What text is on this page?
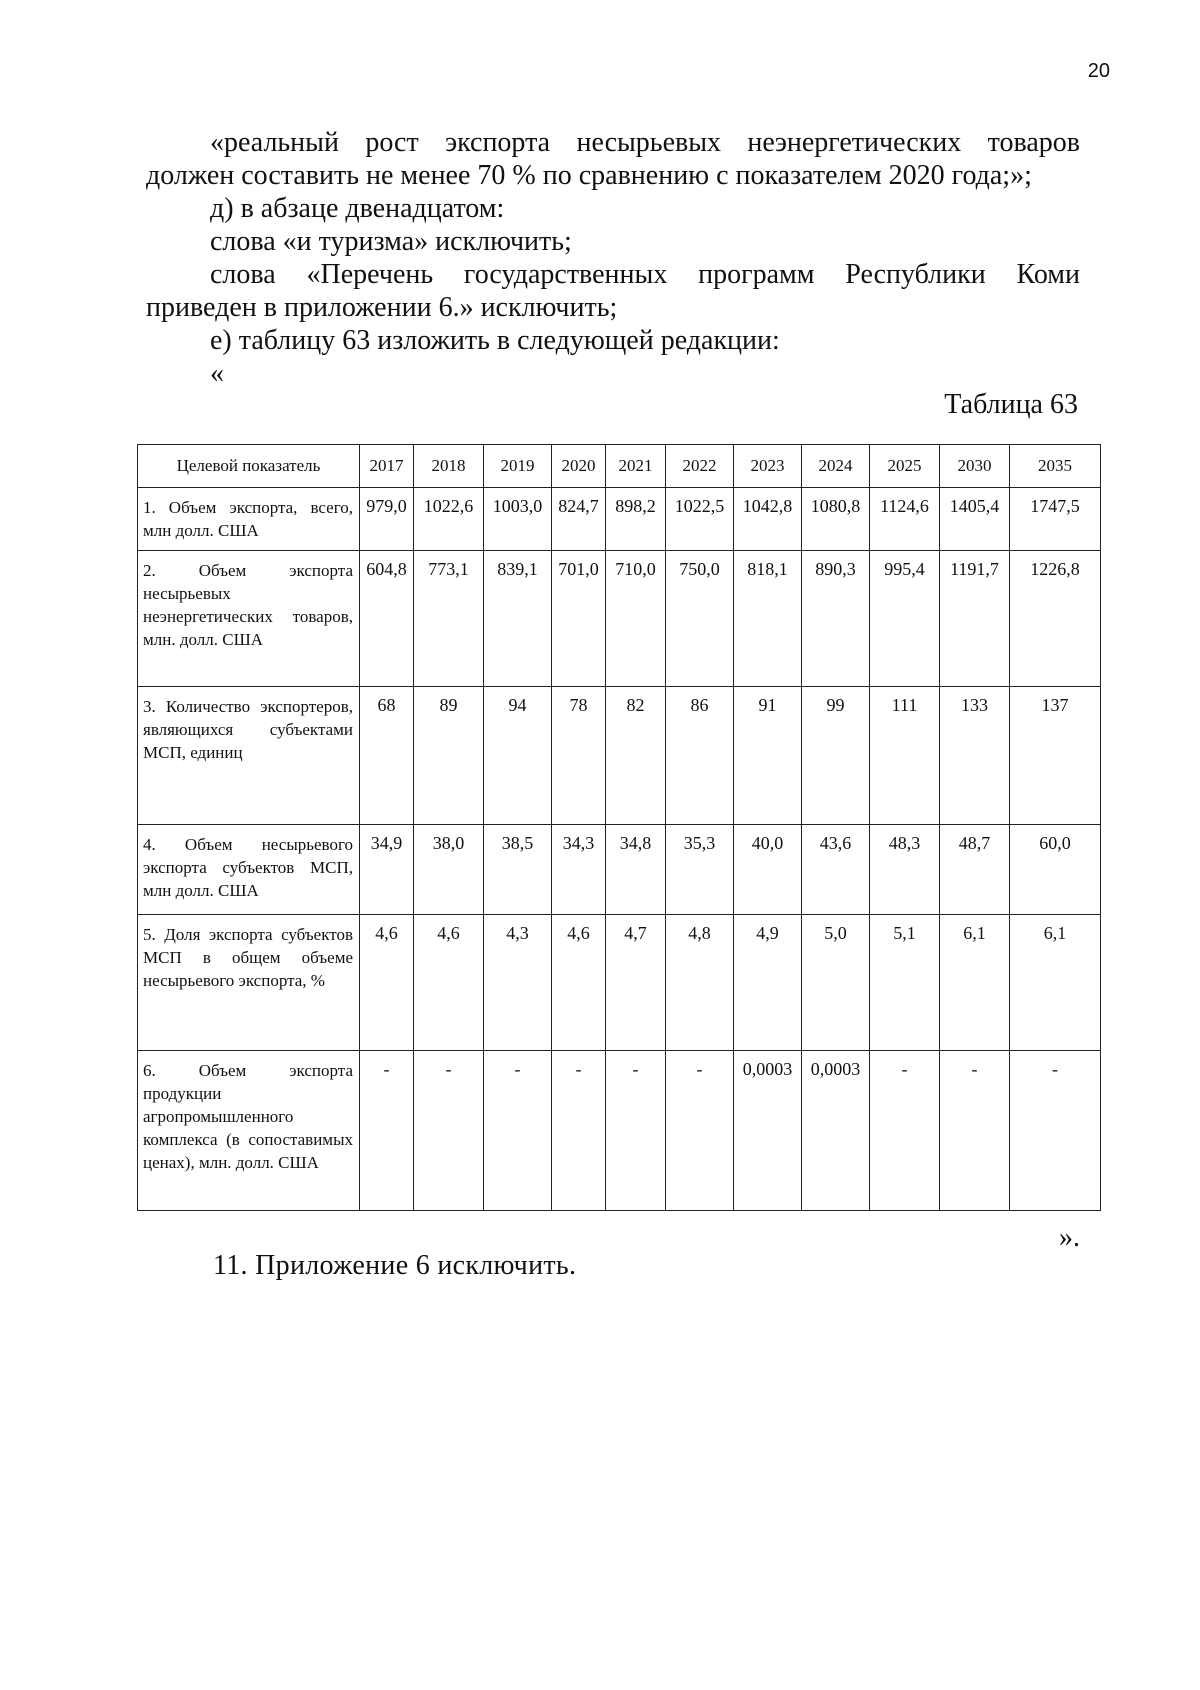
20

«реальный рост экспорта несырьевых неэнергетических товаров

должен составить не менее 70 % по сравнению с показателем 2020 года;»;

д) в абзаце двенадцатом:

слова «и туризма» исключить;

слова «Перечень государственных программ Республики Коми

приведен в приложении 6.» исключить;

е) таблицу 63 изложить в следующей редакции:

«

Таблица 63
Целевой показатель	2017	2018	2019	2020	2021	2022	2023	2024	2025	2030	2035
1. Объем экспорта, всего, млн долл. США	979,0	1022,6	1003,0	824,7	898,2	1022,5	1042,8	1080,8	1124,6	1405,4	1747,5
2. Объем экспорта несырьевых неэнергетических товаров, млн. долл. США	604,8	773,1	839,1	701,0	710,0	750,0	818,1	890,3	995,4	1191,7	1226,8
3. Количество экспортеров, являющихся субъектами МСП, единиц	68	89	94	78	82	86	91	99	111	133	137
4. Объем несырьевого экспорта субъектов МСП, млн долл. США	34,9	38,0	38,5	34,3	34,8	35,3	40,0	43,6	48,3	48,7	60,0
5. Доля экспорта субъектов МСП в общем объеме несырьевого экспорта, %	4,6	4,6	4,3	4,6	4,7	4,8	4,9	5,0	5,1	6,1	6,1
6. Объем экспорта продукции агропромышленного комплекса (в сопоставимых ценах), млн. долл. США	-	-	-	-	-	-	0,0003	0,0003	-	-	-
».
11. Приложение 6 исключить.
